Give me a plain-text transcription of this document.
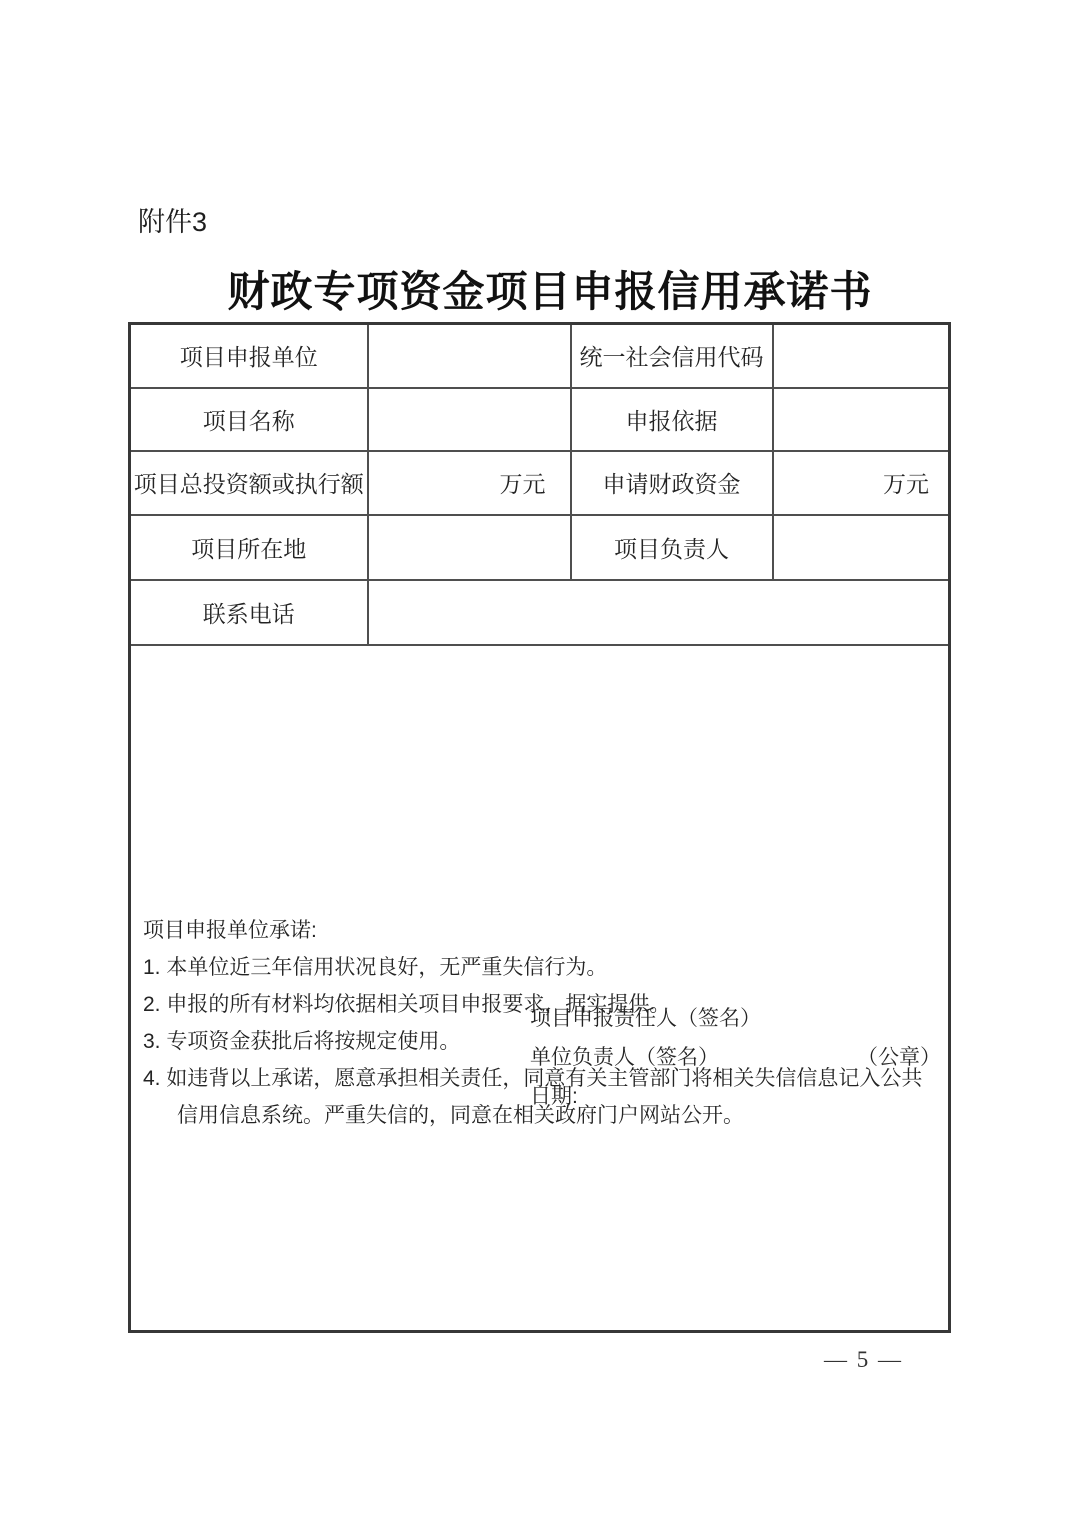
附件3
财政专项资金项目申报信用承诺书
项目申报单位		统一社会信用代码	
项目名称		申报依据	
项目总投资额或执行额	万元	申请财政资金	万元
项目所在地		项目负责人	
联系电话			

项目申报单位承诺:

1. 本单位近三年信用状况良好，无严重失信行为。

2. 申报的所有材料均依据相关项目申报要求，据实提供。

3. 专项资金获批后将按规定使用。

4. 如违背以上承诺，愿意承担相关责任，同意有关主管部门将相关失信信息记入公共信用信息系统。严重失信的，同意在相关政府门户网站公开。			

项目申报责任人（签名）
单位负责人（签名）	（公章）
日期:
— 5 —
